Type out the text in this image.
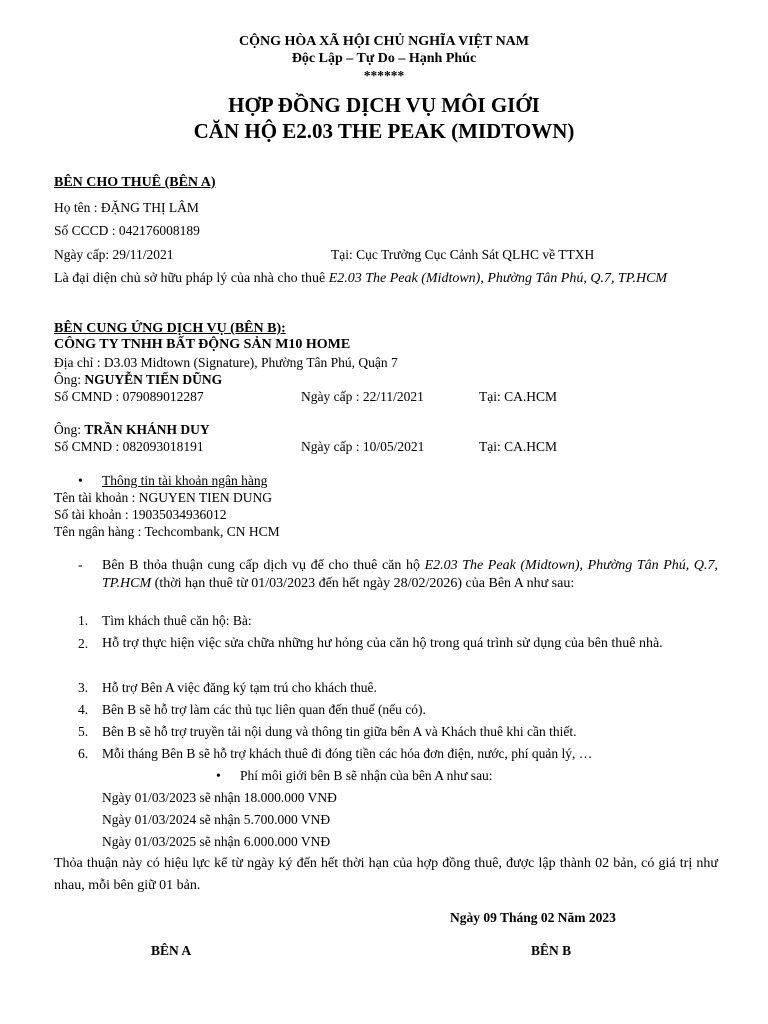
CỘNG HÒA XÃ HỘI CHỦ NGHĨA VIỆT NAM
Độc Lập – Tự Do – Hạnh Phúc
******
HỢP ĐỒNG DỊCH VỤ MÔI GIỚI
CĂN HỘ E2.03 THE PEAK (MIDTOWN)
BÊN CHO THUÊ (BÊN A)
Họ tên : ĐẶNG THỊ LÂM
Số CCCD : 042176008189
Ngày cấp: 29/11/2021	Tại: Cục Trưởng Cục Cảnh Sát QLHC về TTXH
Là đại diện chủ sở hữu pháp lý của nhà cho thuê E2.03 The Peak (Midtown), Phường Tân Phú, Q.7, TP.HCM
BÊN CUNG ỨNG DỊCH VỤ (BÊN B):
CÔNG TY TNHH BẤT ĐỘNG SẢN M10 HOME
Địa chỉ : D3.03 Midtown (Signature), Phường Tân Phú, Quận 7
Ông: NGUYỄN TIẾN DŨNG
Số CMND : 079089012287	Ngày cấp : 22/11/2021	Tại: CA.HCM
Ông: TRẦN KHÁNH DUY
Số CMND : 082093018191	Ngày cấp : 10/05/2021	Tại: CA.HCM
• Thông tin tài khoản ngân hàng
Tên tài khoản : NGUYEN TIEN DUNG
Số tài khoản : 19035034936012
Tên ngân hàng : Techcombank, CN HCM
- Bên B thỏa thuận cung cấp dịch vụ để cho thuê căn hộ E2.03 The Peak (Midtown), Phường Tân Phú, Q.7, TP.HCM (thời hạn thuê từ 01/03/2023 đến hết ngày 28/02/2026) của Bên A như sau:
1. Tìm khách thuê căn hộ: Bà:
2. Hỗ trợ thực hiện việc sửa chữa những hư hỏng của căn hộ trong quá trình sử dụng của bên thuê nhà.
3. Hỗ trợ Bên A việc đăng ký tạm trú cho khách thuê.
4. Bên B sẽ hỗ trợ làm các thủ tục liên quan đến thuế (nếu có).
5. Bên B sẽ hỗ trợ truyền tải nội dung và thông tin giữa bên A và Khách thuê khi cần thiết.
6. Mỗi tháng Bên B sẽ hỗ trợ khách thuê đi đóng tiền các hóa đơn điện, nước, phí quản lý, …
• Phí môi giới bên B sẽ nhận của bên A như sau:
Ngày 01/03/2023 sẽ nhận 18.000.000 VNĐ
Ngày 01/03/2024 sẽ nhận 5.700.000 VNĐ
Ngày 01/03/2025 sẽ nhận 6.000.000 VNĐ
Thỏa thuận này có hiệu lực kể từ ngày ký đến hết thời hạn của hợp đồng thuê, được lập thành 02 bản, có giá trị như nhau, mỗi bên giữ 01 bản.
Ngày 09 Tháng 02 Năm 2023
BÊN A	BÊN B
